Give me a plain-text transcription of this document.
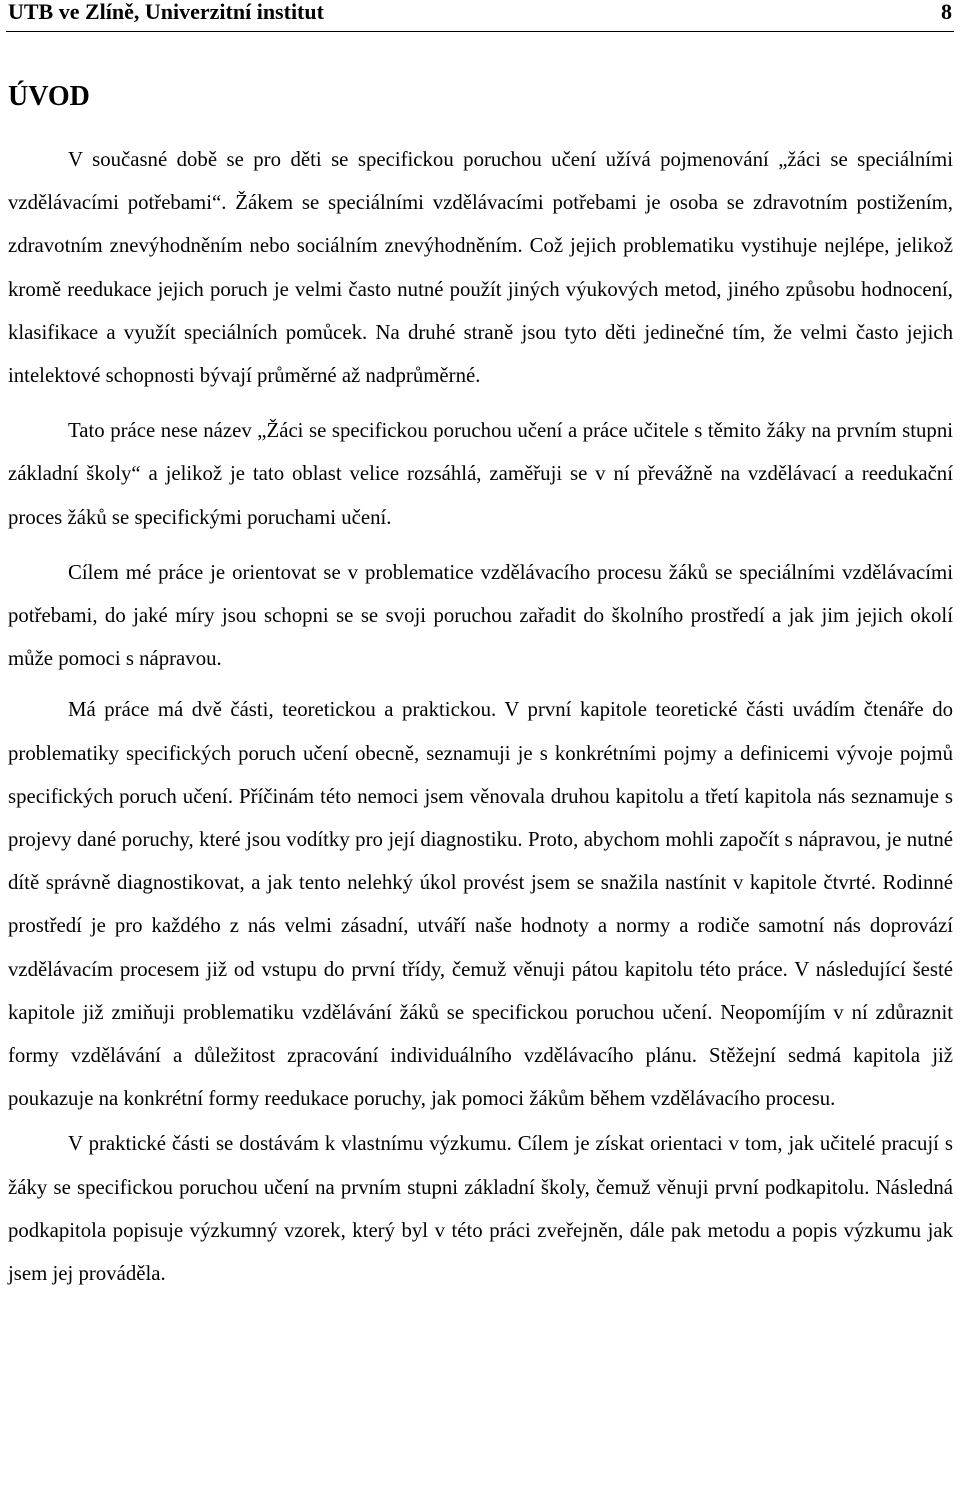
UTB ve Zlíně, Univerzitní institut	8
ÚVOD

V současné době se pro děti se specifickou poruchou učení užívá pojmenování „žáci se speciálními vzdělávacími potřebami“. Žákem se speciálními vzdělávacími potřebami je osoba se zdravotním postižením, zdravotním znevýhodněním nebo sociálním znevýhodněním. Což jejich problematiku vystihuje nejlépe, jelikož kromě reedukace jejich poruch je velmi často nutné použít jiných výukových metod, jiného způsobu hodnocení, klasifikace a využít speciálních pomůcek. Na druhé straně jsou tyto děti jedinečné tím, že velmi často jejich intelektové schopnosti bývají průměrné až nadprůměrné.

Tato práce nese název „Žáci se specifickou poruchou učení a práce učitele s těmito žáky na prvním stupni základní školy“ a jelikož je tato oblast velice rozsáhlá, zaměřuji se v ní převážně na vzdělávací a reedukační proces žáků se specifickými poruchami učení.

Cílem mé práce je orientovat se v problematice vzdělávacího procesu žáků se speciálními vzdělávacími potřebami, do jaké míry jsou schopni se se svoji poruchou zařadit do školního prostředí a jak jim jejich okolí může pomoci s nápravou.

Má práce má dvě části, teoretickou a praktickou. V první kapitole teoretické části uvádím čtenáře do problematiky specifických poruch učení obecně, seznamuji je s konkrétními pojmy a definicemi vývoje pojmů specifických poruch učení. Příčinám této nemoci jsem věnovala druhou kapitolu a třetí kapitola nás seznamuje s projevy dané poruchy, které jsou vodítky pro její diagnostiku. Proto, abychom mohli započít s nápravou, je nutné dítě správně diagnostikovat, a jak tento nelehký úkol provést jsem se snažila nastínit v kapitole čtvrté. Rodinné prostředí je pro každého z nás velmi zásadní, utváří naše hodnoty a normy a rodiče samotní nás doprovází vzdělávacím procesem již od vstupu do první třídy, čemuž věnuji pátou kapitolu této práce. V následující šesté kapitole již zmiňuji problematiku vzdělávání žáků se specifickou poruchou učení. Neopomíjím v ní zdůraznit formy vzdělávání a důležitost zpracování individuálního vzdělávacího plánu. Stěžejní sedmá kapitola již poukazuje na konkrétní formy reedukace poruchy, jak pomoci žákům během vzdělávacího procesu.

V praktické části se dostávám k vlastnímu výzkumu. Cílem je získat orientaci v tom, jak učitelé pracují s žáky se specifickou poruchou učení na prvním stupni základní školy, čemuž věnuji první podkapitolu. Následná podkapitola popisuje výzkumný vzorek, který byl v této práci zveřejněn, dále pak metodu a popis výzkumu jak jsem jej prováděla.
